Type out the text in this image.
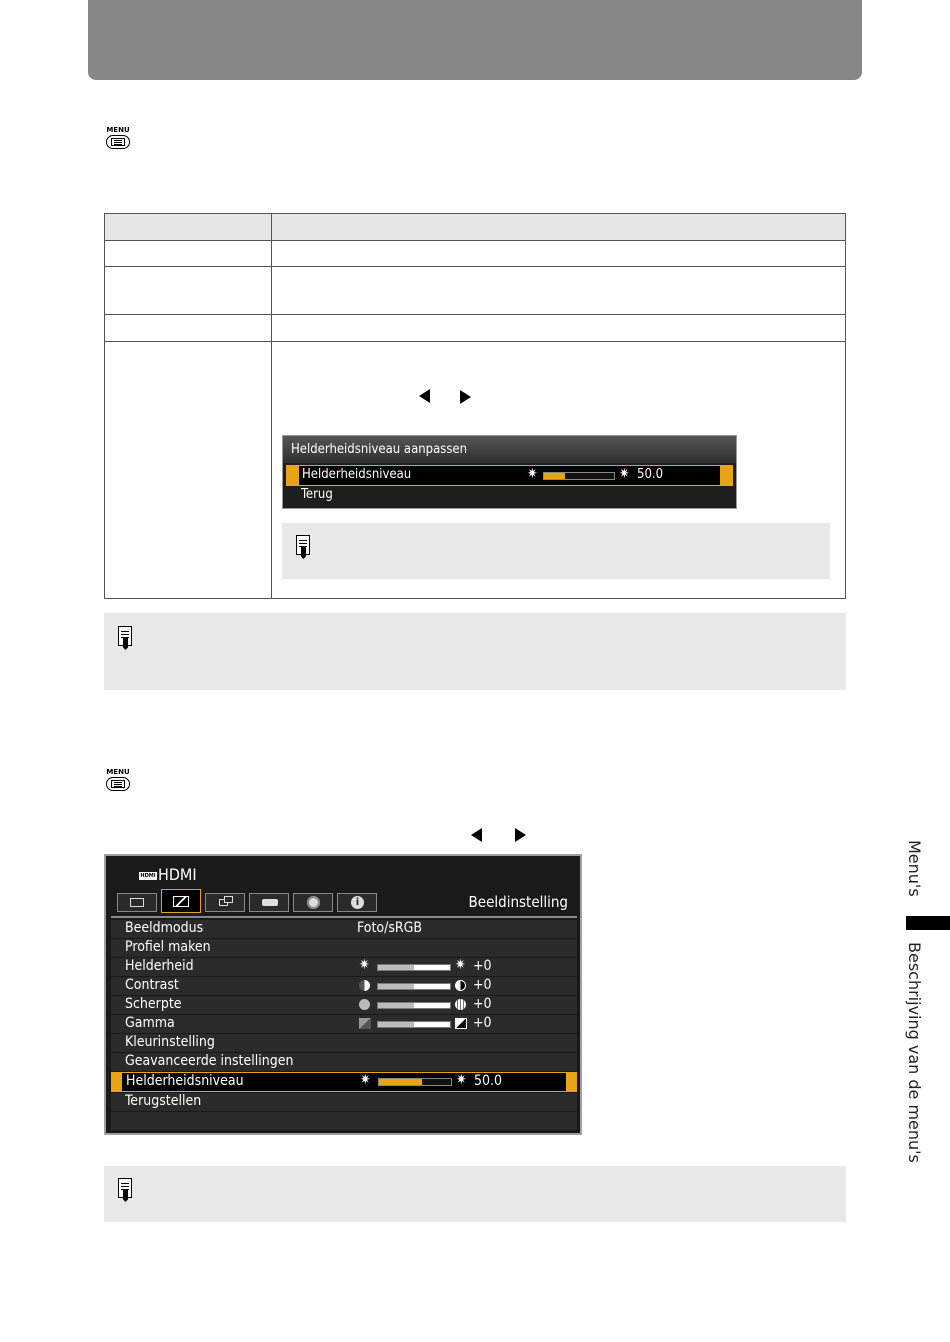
MENU
Helderheidsniveau aanpassen
Helderheidsniveau	✷	✷ 50.0
Terug
MENU
HDMI HDMI
i	Beeldinstelling
Beeldmodus	Foto/sRGB
Profiel maken
Helderheid	✷	✷ +0
Contrast	+0
Scherpte	+0
Gamma	+0
Kleurinstelling
Geavanceerde instellingen
Helderheidsniveau	✷	✷ 50.0
Terugstellen
Menu's
Beschrijving van de menu's
